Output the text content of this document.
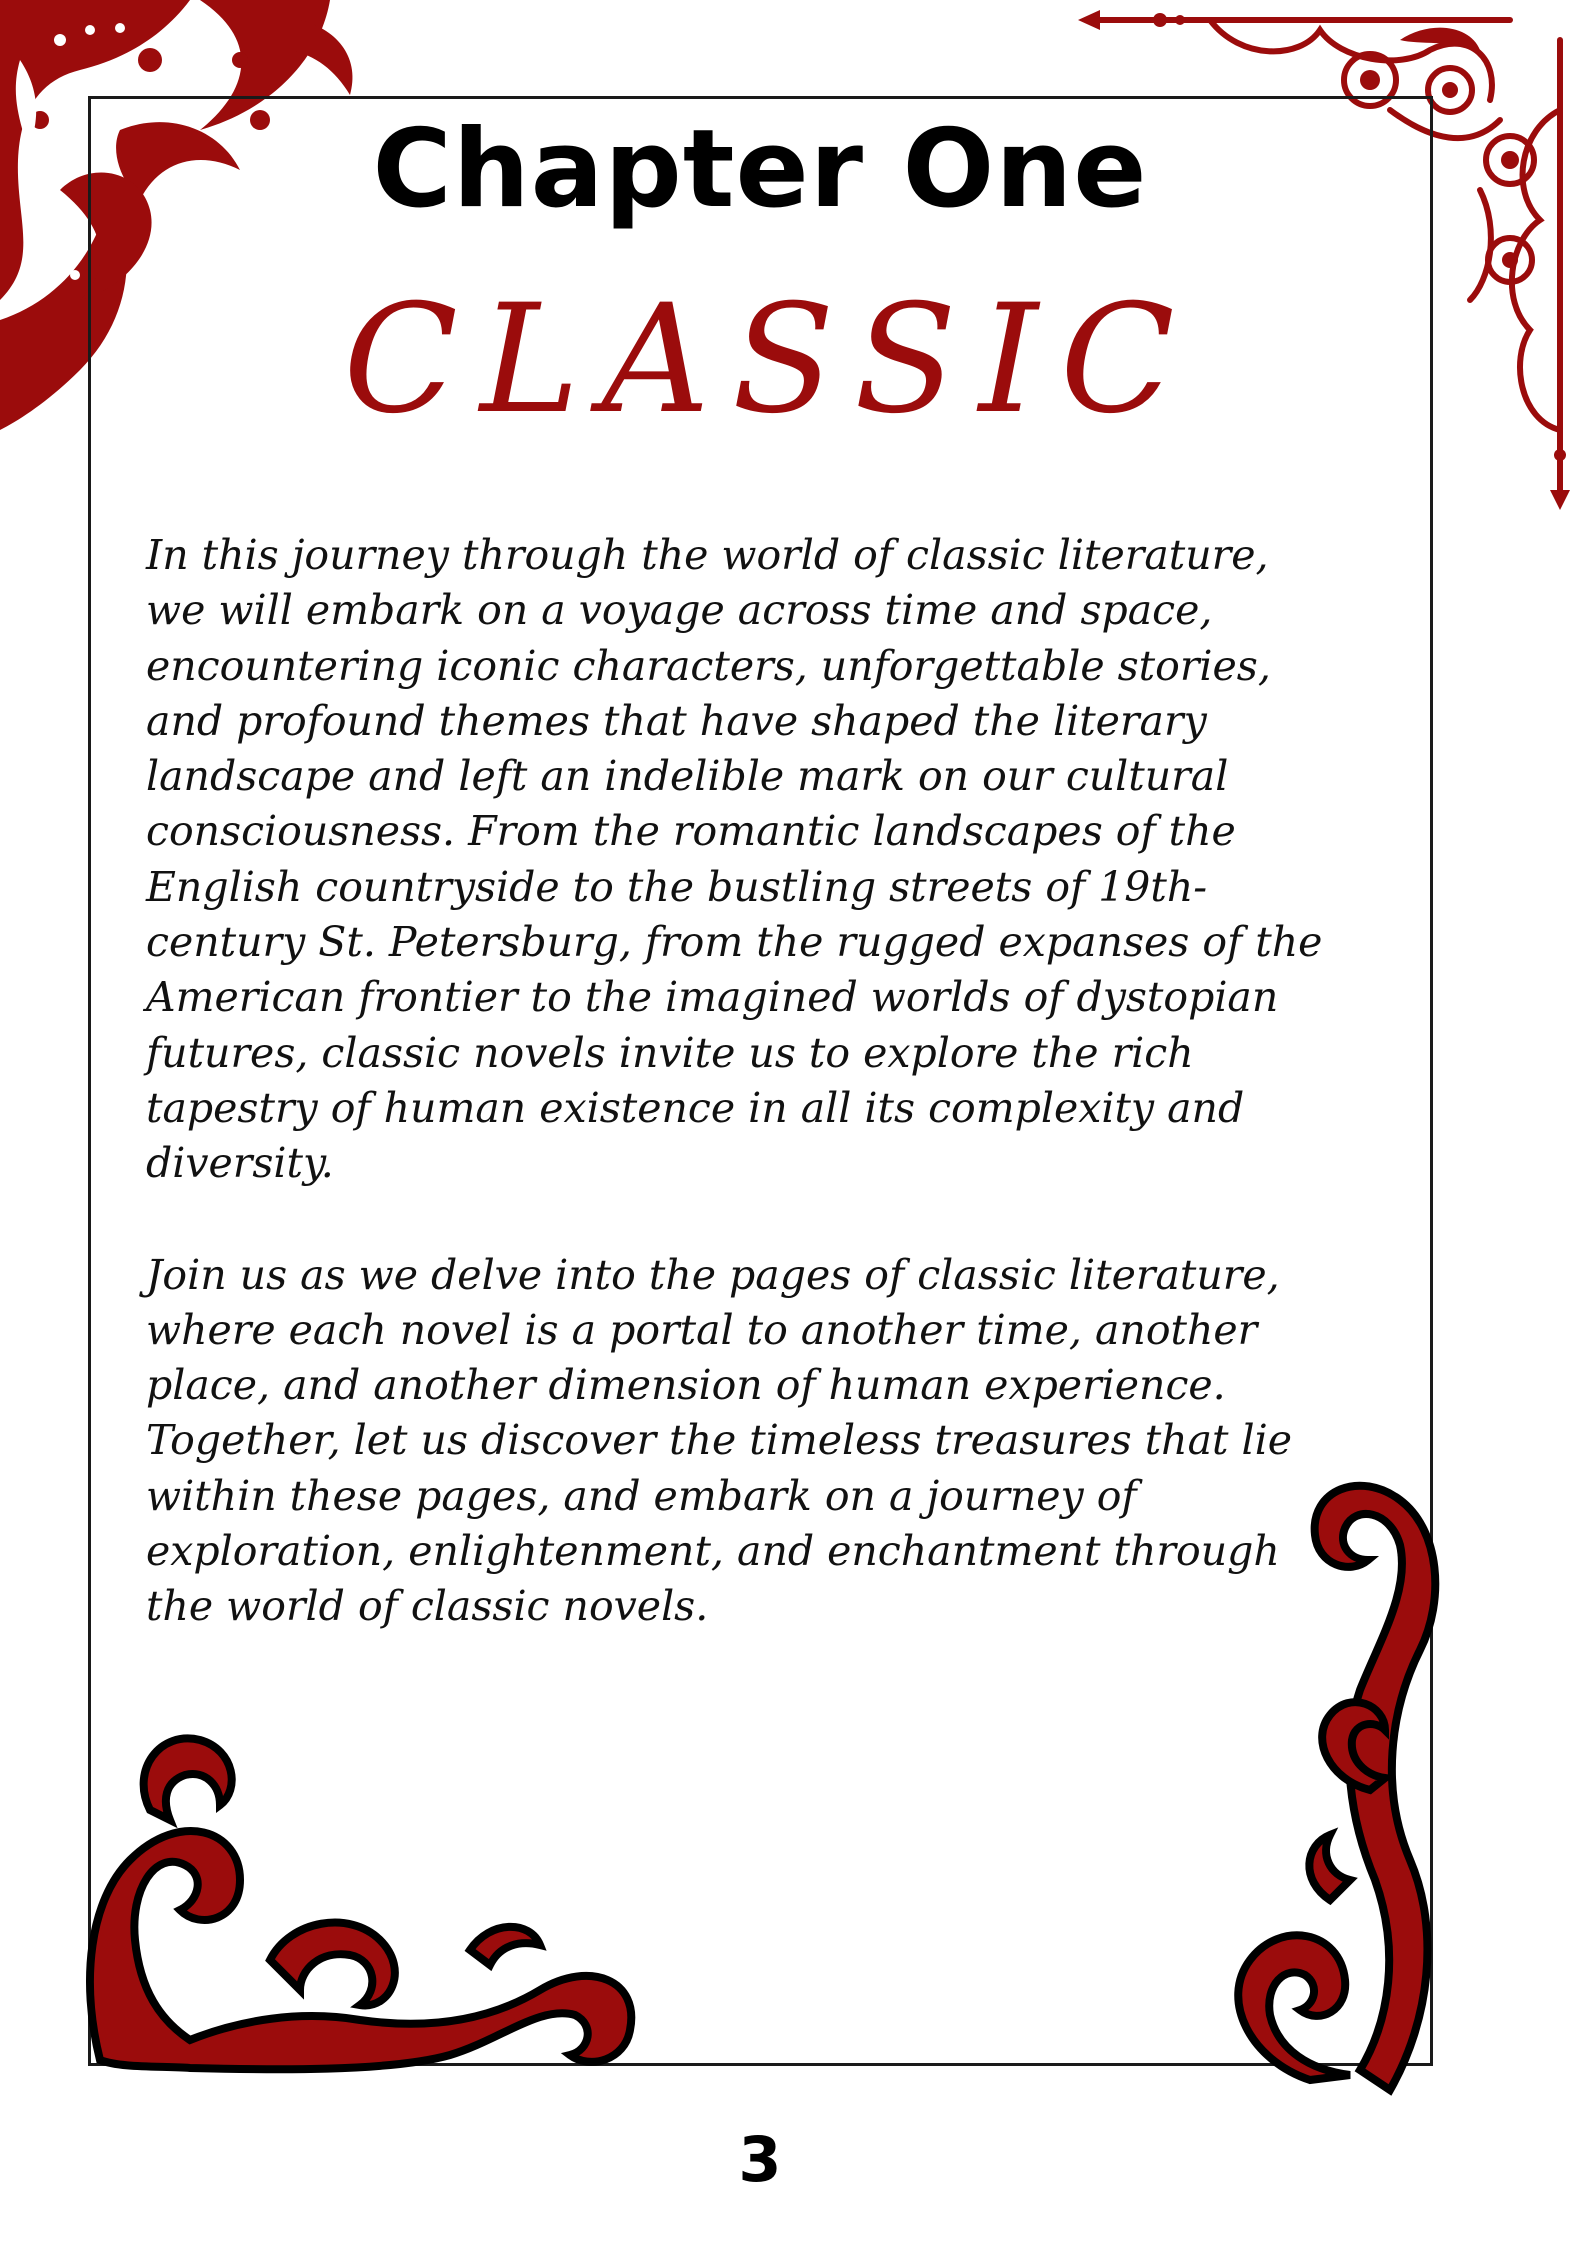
Chapter One
CLASSIC

In this journey through the world of classic literature,
we will embark on a voyage across time and space,
encountering iconic characters, unforgettable stories,
and profound themes that have shaped the literary
landscape and left an indelible mark on our cultural
consciousness. From the romantic landscapes of the
English countryside to the bustling streets of 19th-
century St. Petersburg, from the rugged expanses of the
American frontier to the imagined worlds of dystopian
futures, classic novels invite us to explore the rich
tapestry of human existence in all its complexity and
diversity.

Join us as we delve into the pages of classic literature,
where each novel is a portal to another time, another
place, and another dimension of human experience.
Together, let us discover the timeless treasures that lie
within these pages, and embark on a journey of
exploration, enlightenment, and enchantment through
the world of classic novels.

3
